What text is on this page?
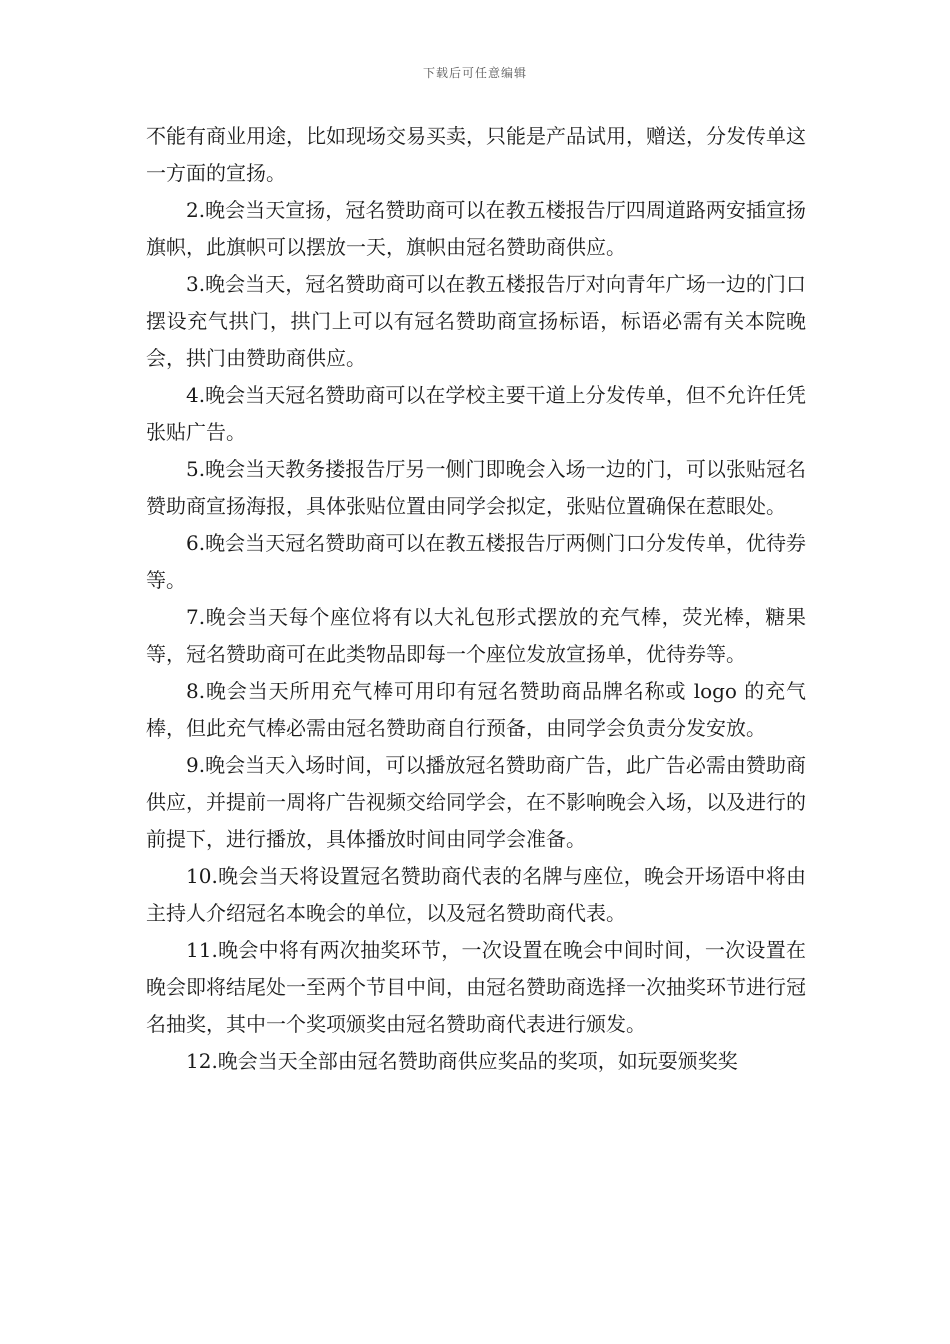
下载后可任意编辑

不能有商业用途，比如现场交易买卖，只能是产品试用，赠送，分发传单这一方面的宣扬。

2.晚会当天宣扬，冠名赞助商可以在教五楼报告厅四周道路两安插宣扬旗帜，此旗帜可以摆放一天，旗帜由冠名赞助商供应。

3.晚会当天，冠名赞助商可以在教五楼报告厅对向青年广场一边的门口摆设充气拱门，拱门上可以有冠名赞助商宣扬标语，标语必需有关本院晚会，拱门由赞助商供应。

4.晚会当天冠名赞助商可以在学校主要干道上分发传单，但不允许任凭张贴广告。

5.晚会当天教务搂报告厅另一侧门即晚会入场一边的门，可以张贴冠名赞助商宣扬海报，具体张贴位置由同学会拟定，张贴位置确保在惹眼处。

6.晚会当天冠名赞助商可以在教五楼报告厅两侧门口分发传单，优待券等。

7.晚会当天每个座位将有以大礼包形式摆放的充气棒，荧光棒，糖果等，冠名赞助商可在此类物品即每一个座位发放宣扬单，优待券等。

8.晚会当天所用充气棒可用印有冠名赞助商品牌名称或 logo 的充气棒，但此充气棒必需由冠名赞助商自行预备，由同学会负责分发安放。

9.晚会当天入场时间，可以播放冠名赞助商广告，此广告必需由赞助商供应，并提前一周将广告视频交给同学会，在不影响晚会入场，以及进行的前提下，进行播放，具体播放时间由同学会准备。

10.晚会当天将设置冠名赞助商代表的名牌与座位，晚会开场语中将由主持人介绍冠名本晚会的单位，以及冠名赞助商代表。

11.晚会中将有两次抽奖环节，一次设置在晚会中间时间，一次设置在晚会即将结尾处一至两个节目中间，由冠名赞助商选择一次抽奖环节进行冠名抽奖，其中一个奖项颁奖由冠名赞助商代表进行颁发。

12.晚会当天全部由冠名赞助商供应奖品的奖项，如玩耍颁奖奖
